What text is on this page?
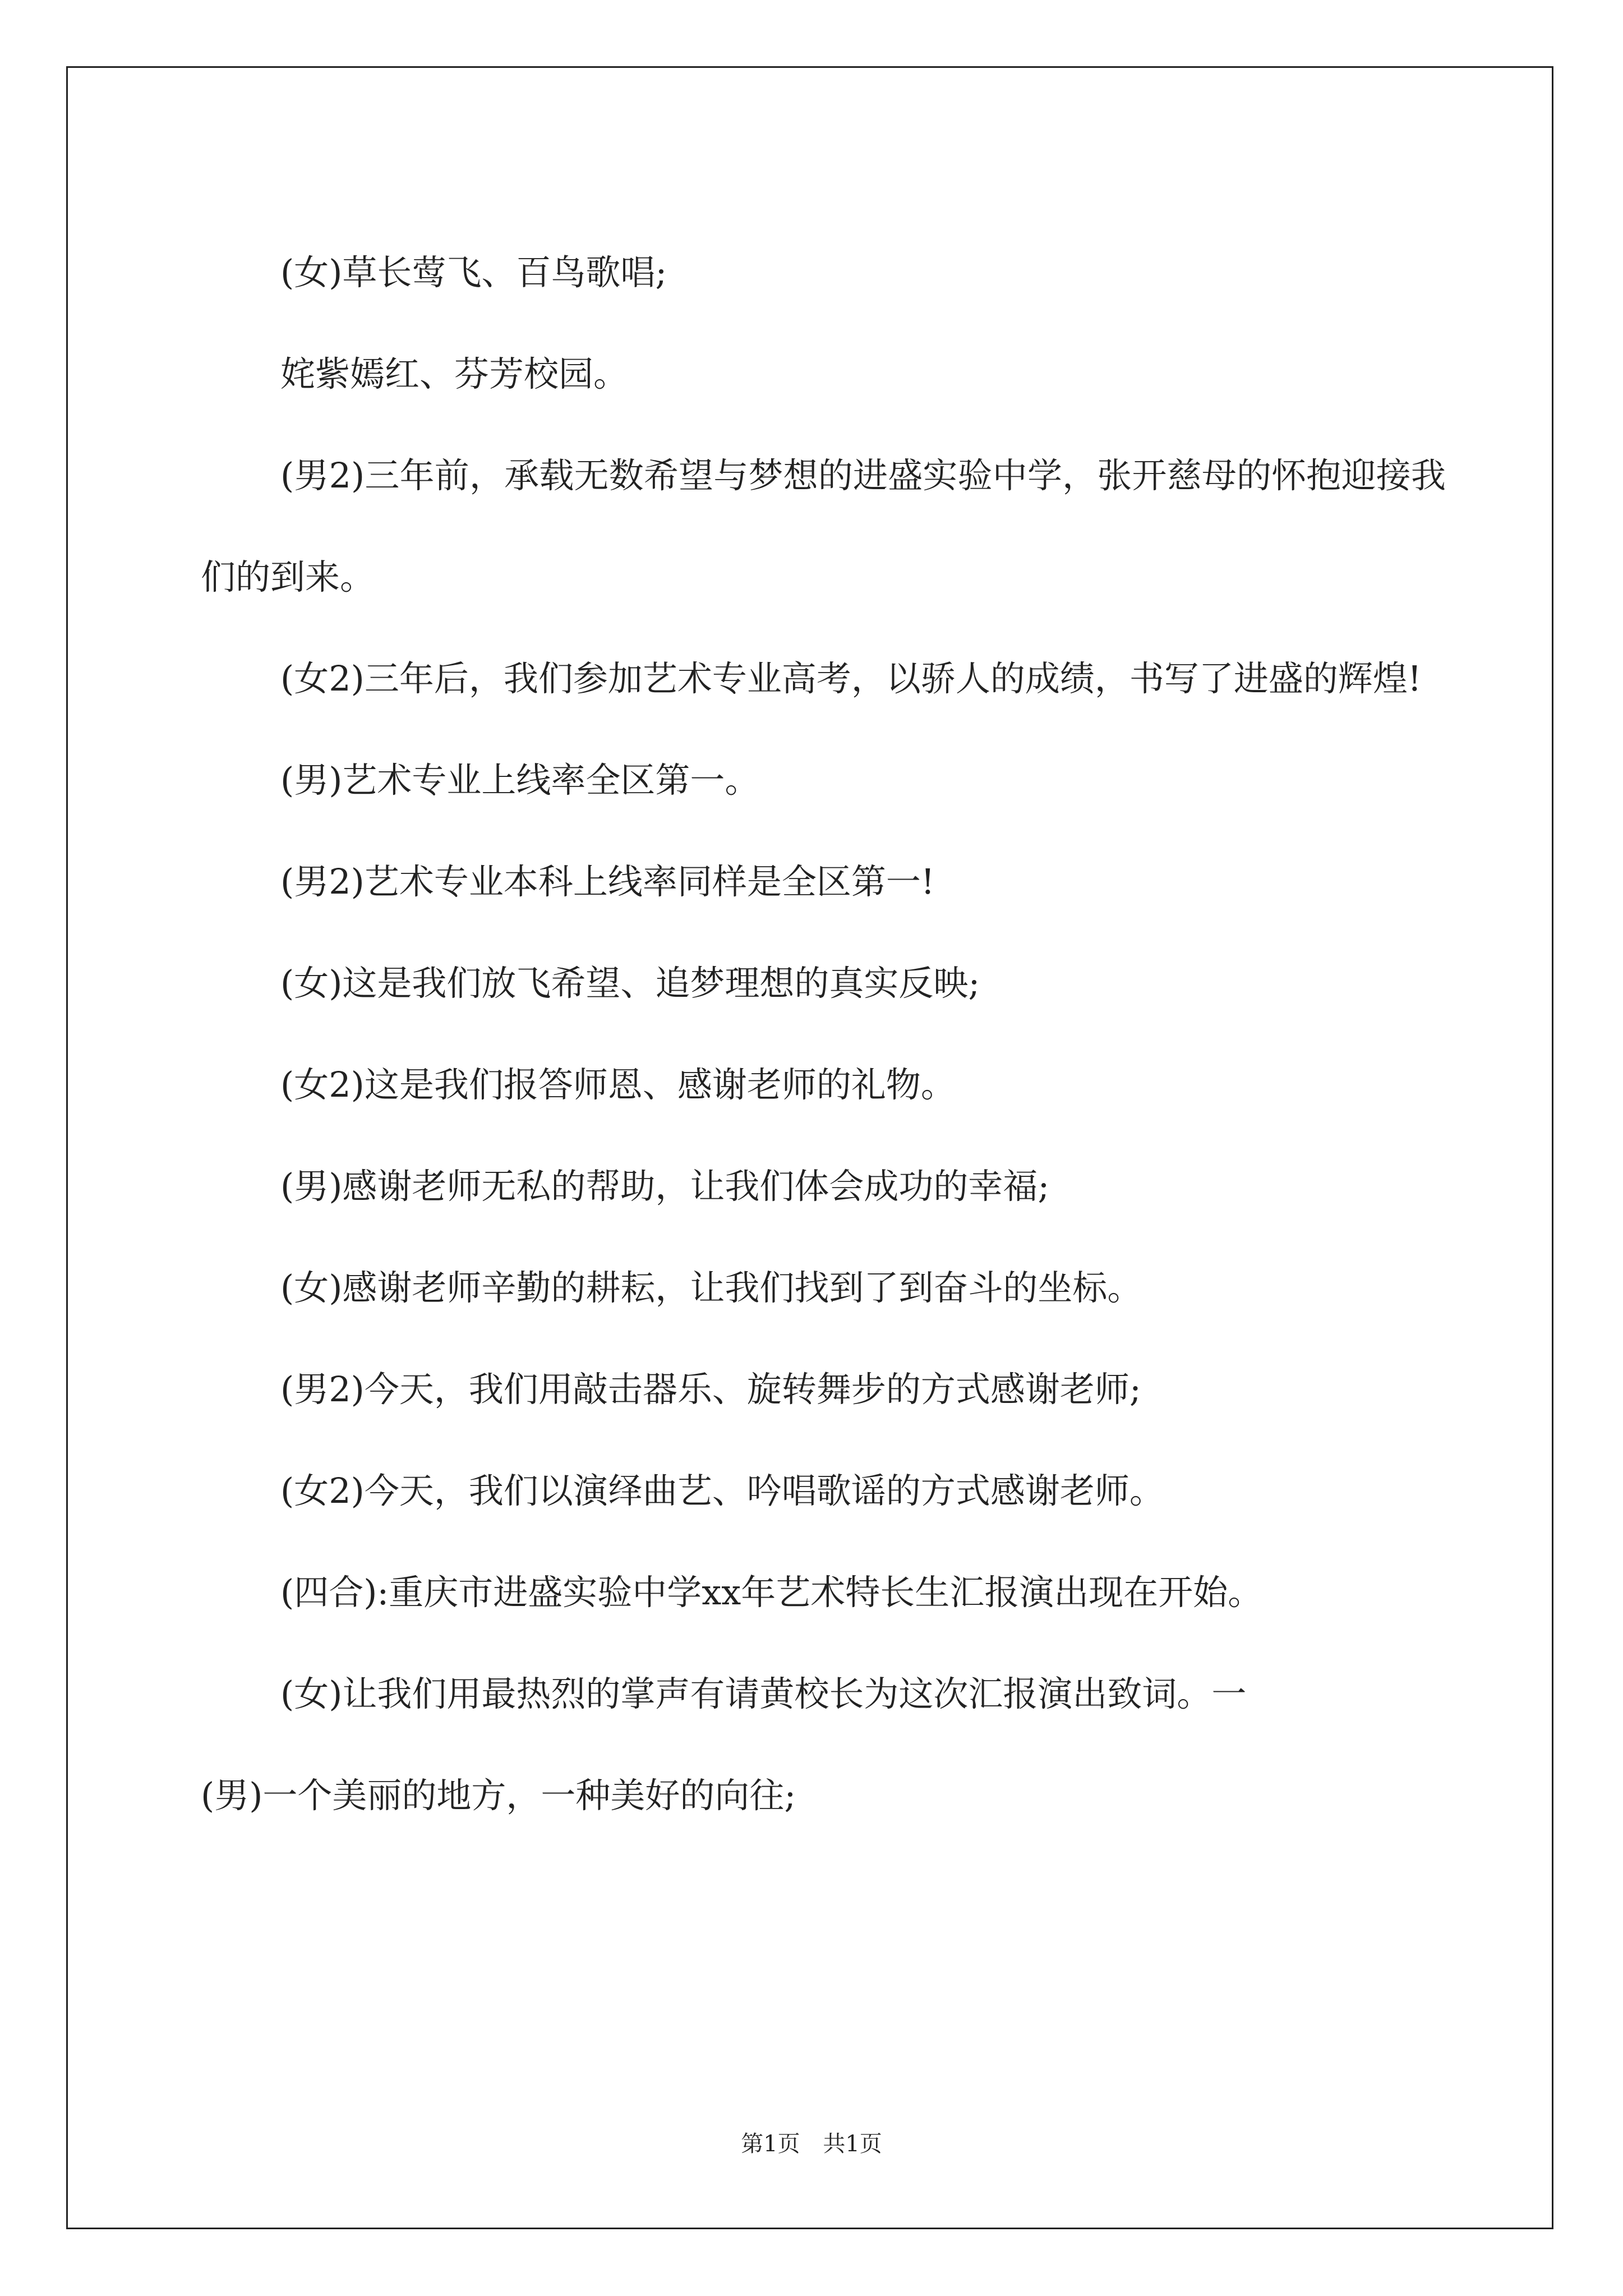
(女)草长莺飞、百鸟歌唱;

姹紫嫣红、芬芳校园。

(男2)三年前，承载无数希望与梦想的进盛实验中学，张开慈母的怀抱迎接我们的到来。

(女2)三年后，我们参加艺术专业高考，以骄人的成绩，书写了进盛的辉煌!

(男)艺术专业上线率全区第一。

(男2)艺术专业本科上线率同样是全区第一!

(女)这是我们放飞希望、追梦理想的真实反映;

(女2)这是我们报答师恩、感谢老师的礼物。

(男)感谢老师无私的帮助，让我们体会成功的幸福;

(女)感谢老师辛勤的耕耘，让我们找到了到奋斗的坐标。

(男2)今天，我们用敲击器乐、旋转舞步的方式感谢老师;

(女2)今天，我们以演绎曲艺、吟唱歌谣的方式感谢老师。

(四合):重庆市进盛实验中学xx年艺术特长生汇报演出现在开始。

(女)让我们用最热烈的掌声有请黄校长为这次汇报演出致词。一

(男)一个美丽的地方，一种美好的向往;

第1页 共1页
